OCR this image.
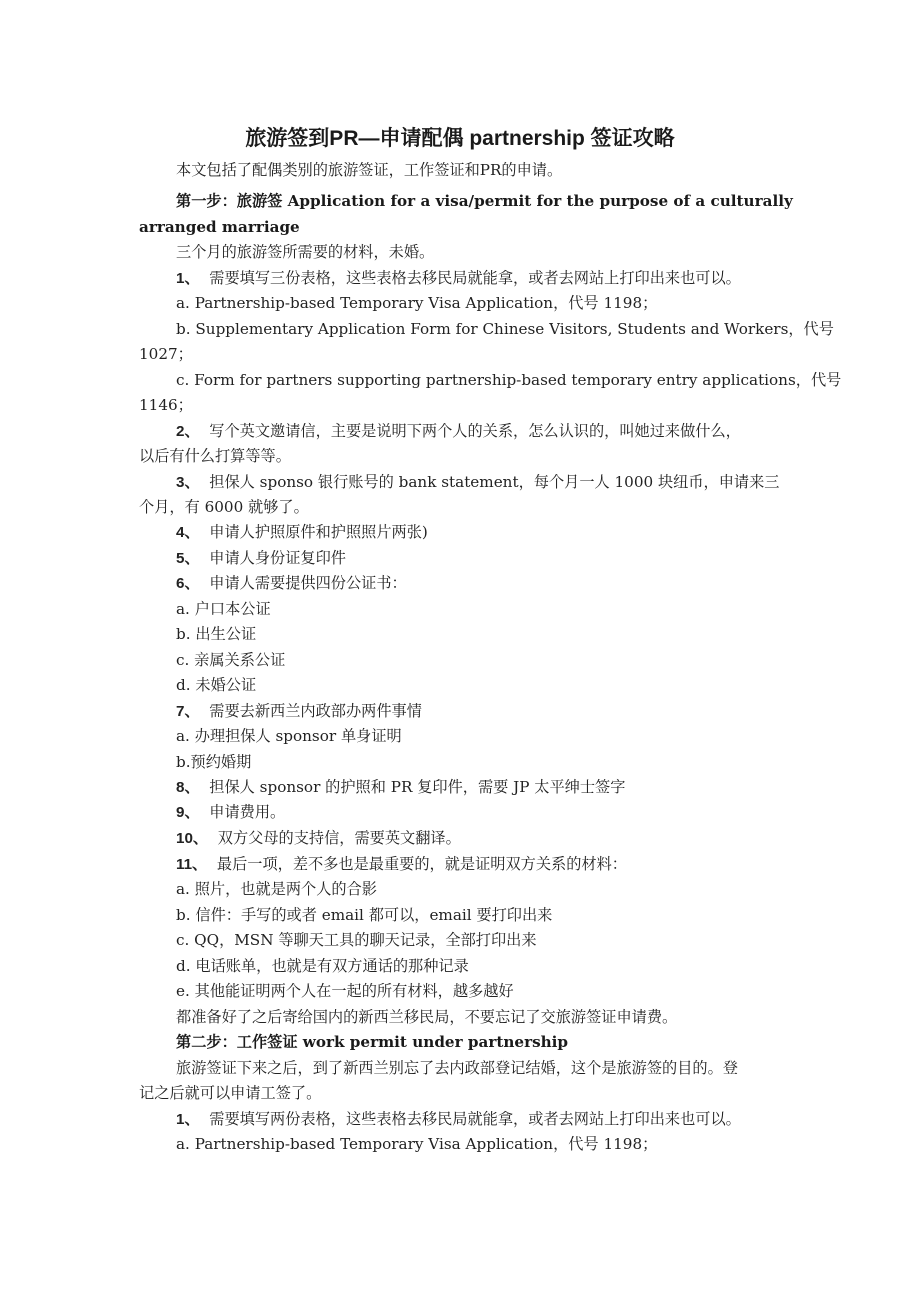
旅游签到PR—申请配偶 partnership 签证攻略
本文包括了配偶类别的旅游签证，工作签证和PR的申请。
第一步：旅游签 Application for a visa/permit for the purpose of a culturally
arranged marriage
三个月的旅游签所需要的材料，未婚。
1、 需要填写三份表格，这些表格去移民局就能拿，或者去网站上打印出来也可以。
a. Partnership-based Temporary Visa Application，代号 1198；
b. Supplementary Application Form for Chinese Visitors, Students and Workers，代号
1027；
c. Form for partners supporting partnership-based temporary entry applications，代号
1146；
2、 写个英文邀请信，主要是说明下两个人的关系，怎么认识的，叫她过来做什么，
以后有什么打算等等。
3、 担保人 sponso 银行账号的 bank statement，每个月一人 1000 块纽币，申请来三
个月，有 6000 就够了。
4、 申请人护照原件和护照照片两张)
5、 申请人身份证复印件
6、 申请人需要提供四份公证书：
a. 户口本公证
b. 出生公证
c. 亲属关系公证
d. 未婚公证
7、 需要去新西兰内政部办两件事情
a. 办理担保人 sponsor 单身证明
b.预约婚期
8、 担保人 sponsor 的护照和 PR 复印件，需要 JP 太平绅士签字
9、 申请费用。
10、 双方父母的支持信，需要英文翻译。
11、 最后一项，差不多也是最重要的，就是证明双方关系的材料：
a. 照片，也就是两个人的合影
b. 信件：手写的或者 email 都可以，email 要打印出来
c. QQ，MSN 等聊天工具的聊天记录，全部打印出来
d. 电话账单，也就是有双方通话的那种记录
e. 其他能证明两个人在一起的所有材料，越多越好
都准备好了之后寄给国内的新西兰移民局，不要忘记了交旅游签证申请费。
第二步：工作签证 work permit under partnership
旅游签证下来之后，到了新西兰别忘了去内政部登记结婚，这个是旅游签的目的。登
记之后就可以申请工签了。
1、 需要填写两份表格，这些表格去移民局就能拿，或者去网站上打印出来也可以。
a. Partnership-based Temporary Visa Application，代号 1198；
